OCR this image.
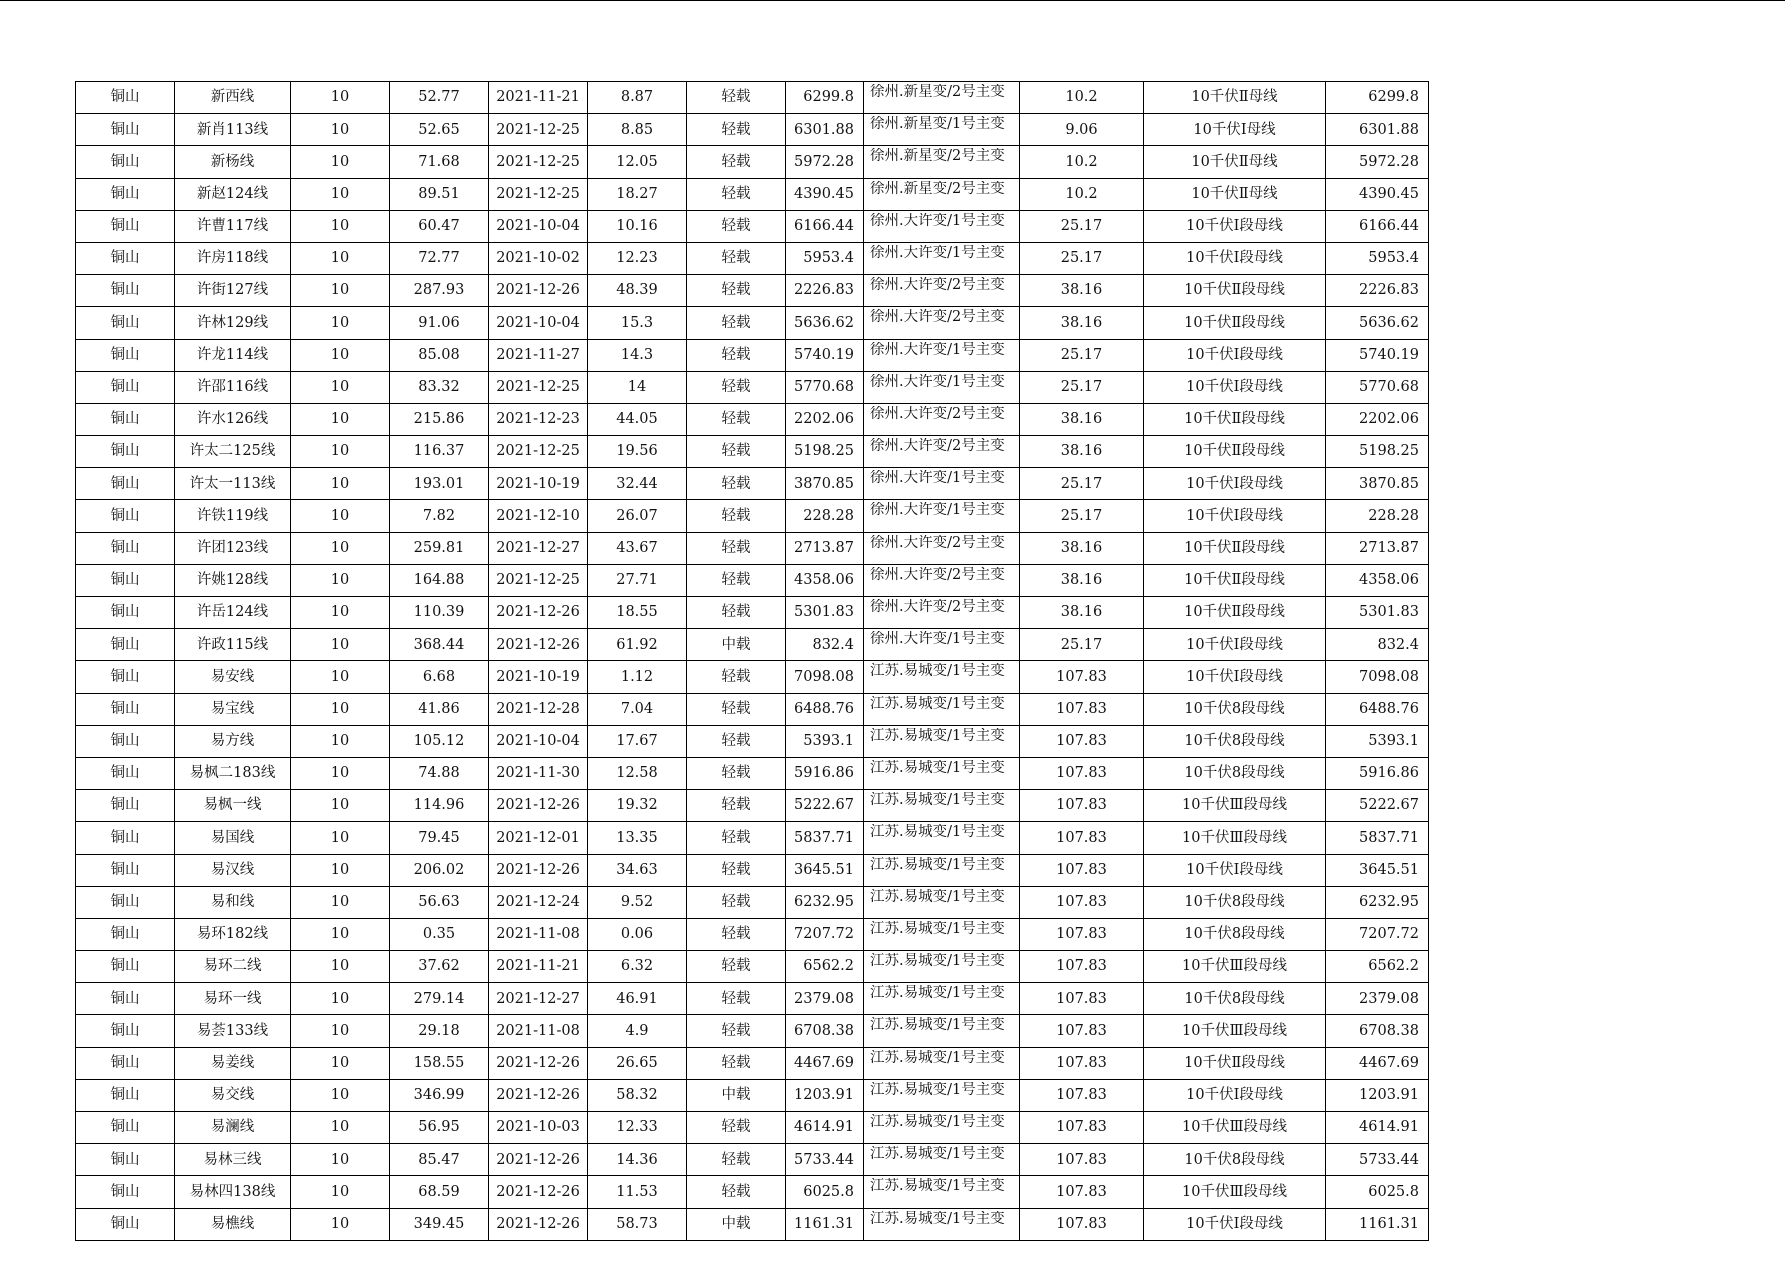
铜山	新西线	10	52.77	2021-11-21	8.87	轻载	6299.8	徐州.新星变/2号主变	10.2	10千伏Ⅱ母线	6299.8
铜山	新肖113线	10	52.65	2021-12-25	8.85	轻载	6301.88	徐州.新星变/1号主变	9.06	10千伏Ⅰ母线	6301.88
铜山	新杨线	10	71.68	2021-12-25	12.05	轻载	5972.28	徐州.新星变/2号主变	10.2	10千伏Ⅱ母线	5972.28
铜山	新赵124线	10	89.51	2021-12-25	18.27	轻载	4390.45	徐州.新星变/2号主变	10.2	10千伏Ⅱ母线	4390.45
铜山	许曹117线	10	60.47	2021-10-04	10.16	轻载	6166.44	徐州.大许变/1号主变	25.17	10千伏Ⅰ段母线	6166.44
铜山	许房118线	10	72.77	2021-10-02	12.23	轻载	5953.4	徐州.大许变/1号主变	25.17	10千伏Ⅰ段母线	5953.4
铜山	许街127线	10	287.93	2021-12-26	48.39	轻载	2226.83	徐州.大许变/2号主变	38.16	10千伏Ⅱ段母线	2226.83
铜山	许林129线	10	91.06	2021-10-04	15.3	轻载	5636.62	徐州.大许变/2号主变	38.16	10千伏Ⅱ段母线	5636.62
铜山	许龙114线	10	85.08	2021-11-27	14.3	轻载	5740.19	徐州.大许变/1号主变	25.17	10千伏Ⅰ段母线	5740.19
铜山	许邵116线	10	83.32	2021-12-25	14	轻载	5770.68	徐州.大许变/1号主变	25.17	10千伏Ⅰ段母线	5770.68
铜山	许水126线	10	215.86	2021-12-23	44.05	轻载	2202.06	徐州.大许变/2号主变	38.16	10千伏Ⅱ段母线	2202.06
铜山	许太二125线	10	116.37	2021-12-25	19.56	轻载	5198.25	徐州.大许变/2号主变	38.16	10千伏Ⅱ段母线	5198.25
铜山	许太一113线	10	193.01	2021-10-19	32.44	轻载	3870.85	徐州.大许变/1号主变	25.17	10千伏Ⅰ段母线	3870.85
铜山	许铁119线	10	7.82	2021-12-10	26.07	轻载	228.28	徐州.大许变/1号主变	25.17	10千伏Ⅰ段母线	228.28
铜山	许团123线	10	259.81	2021-12-27	43.67	轻载	2713.87	徐州.大许变/2号主变	38.16	10千伏Ⅱ段母线	2713.87
铜山	许姚128线	10	164.88	2021-12-25	27.71	轻载	4358.06	徐州.大许变/2号主变	38.16	10千伏Ⅱ段母线	4358.06
铜山	许岳124线	10	110.39	2021-12-26	18.55	轻载	5301.83	徐州.大许变/2号主变	38.16	10千伏Ⅱ段母线	5301.83
铜山	许政115线	10	368.44	2021-12-26	61.92	中载	832.4	徐州.大许变/1号主变	25.17	10千伏Ⅰ段母线	832.4
铜山	易安线	10	6.68	2021-10-19	1.12	轻载	7098.08	江苏.易城变/1号主变	107.83	10千伏Ⅰ段母线	7098.08
铜山	易宝线	10	41.86	2021-12-28	7.04	轻载	6488.76	江苏.易城变/1号主变	107.83	10千伏8段母线	6488.76
铜山	易方线	10	105.12	2021-10-04	17.67	轻载	5393.1	江苏.易城变/1号主变	107.83	10千伏8段母线	5393.1
铜山	易枫二183线	10	74.88	2021-11-30	12.58	轻载	5916.86	江苏.易城变/1号主变	107.83	10千伏8段母线	5916.86
铜山	易枫一线	10	114.96	2021-12-26	19.32	轻载	5222.67	江苏.易城变/1号主变	107.83	10千伏Ⅲ段母线	5222.67
铜山	易国线	10	79.45	2021-12-01	13.35	轻载	5837.71	江苏.易城变/1号主变	107.83	10千伏Ⅲ段母线	5837.71
铜山	易汉线	10	206.02	2021-12-26	34.63	轻载	3645.51	江苏.易城变/1号主变	107.83	10千伏Ⅰ段母线	3645.51
铜山	易和线	10	56.63	2021-12-24	9.52	轻载	6232.95	江苏.易城变/1号主变	107.83	10千伏8段母线	6232.95
铜山	易环182线	10	0.35	2021-11-08	0.06	轻载	7207.72	江苏.易城变/1号主变	107.83	10千伏8段母线	7207.72
铜山	易环二线	10	37.62	2021-11-21	6.32	轻载	6562.2	江苏.易城变/1号主变	107.83	10千伏Ⅲ段母线	6562.2
铜山	易环一线	10	279.14	2021-12-27	46.91	轻载	2379.08	江苏.易城变/1号主变	107.83	10千伏8段母线	2379.08
铜山	易荟133线	10	29.18	2021-11-08	4.9	轻载	6708.38	江苏.易城变/1号主变	107.83	10千伏Ⅲ段母线	6708.38
铜山	易姜线	10	158.55	2021-12-26	26.65	轻载	4467.69	江苏.易城变/1号主变	107.83	10千伏Ⅱ段母线	4467.69
铜山	易交线	10	346.99	2021-12-26	58.32	中载	1203.91	江苏.易城变/1号主变	107.83	10千伏Ⅰ段母线	1203.91
铜山	易澜线	10	56.95	2021-10-03	12.33	轻载	4614.91	江苏.易城变/1号主变	107.83	10千伏Ⅲ段母线	4614.91
铜山	易林三线	10	85.47	2021-12-26	14.36	轻载	5733.44	江苏.易城变/1号主变	107.83	10千伏8段母线	5733.44
铜山	易林四138线	10	68.59	2021-12-26	11.53	轻载	6025.8	江苏.易城变/1号主变	107.83	10千伏Ⅲ段母线	6025.8
铜山	易樵线	10	349.45	2021-12-26	58.73	中载	1161.31	江苏.易城变/1号主变	107.83	10千伏Ⅰ段母线	1161.31
